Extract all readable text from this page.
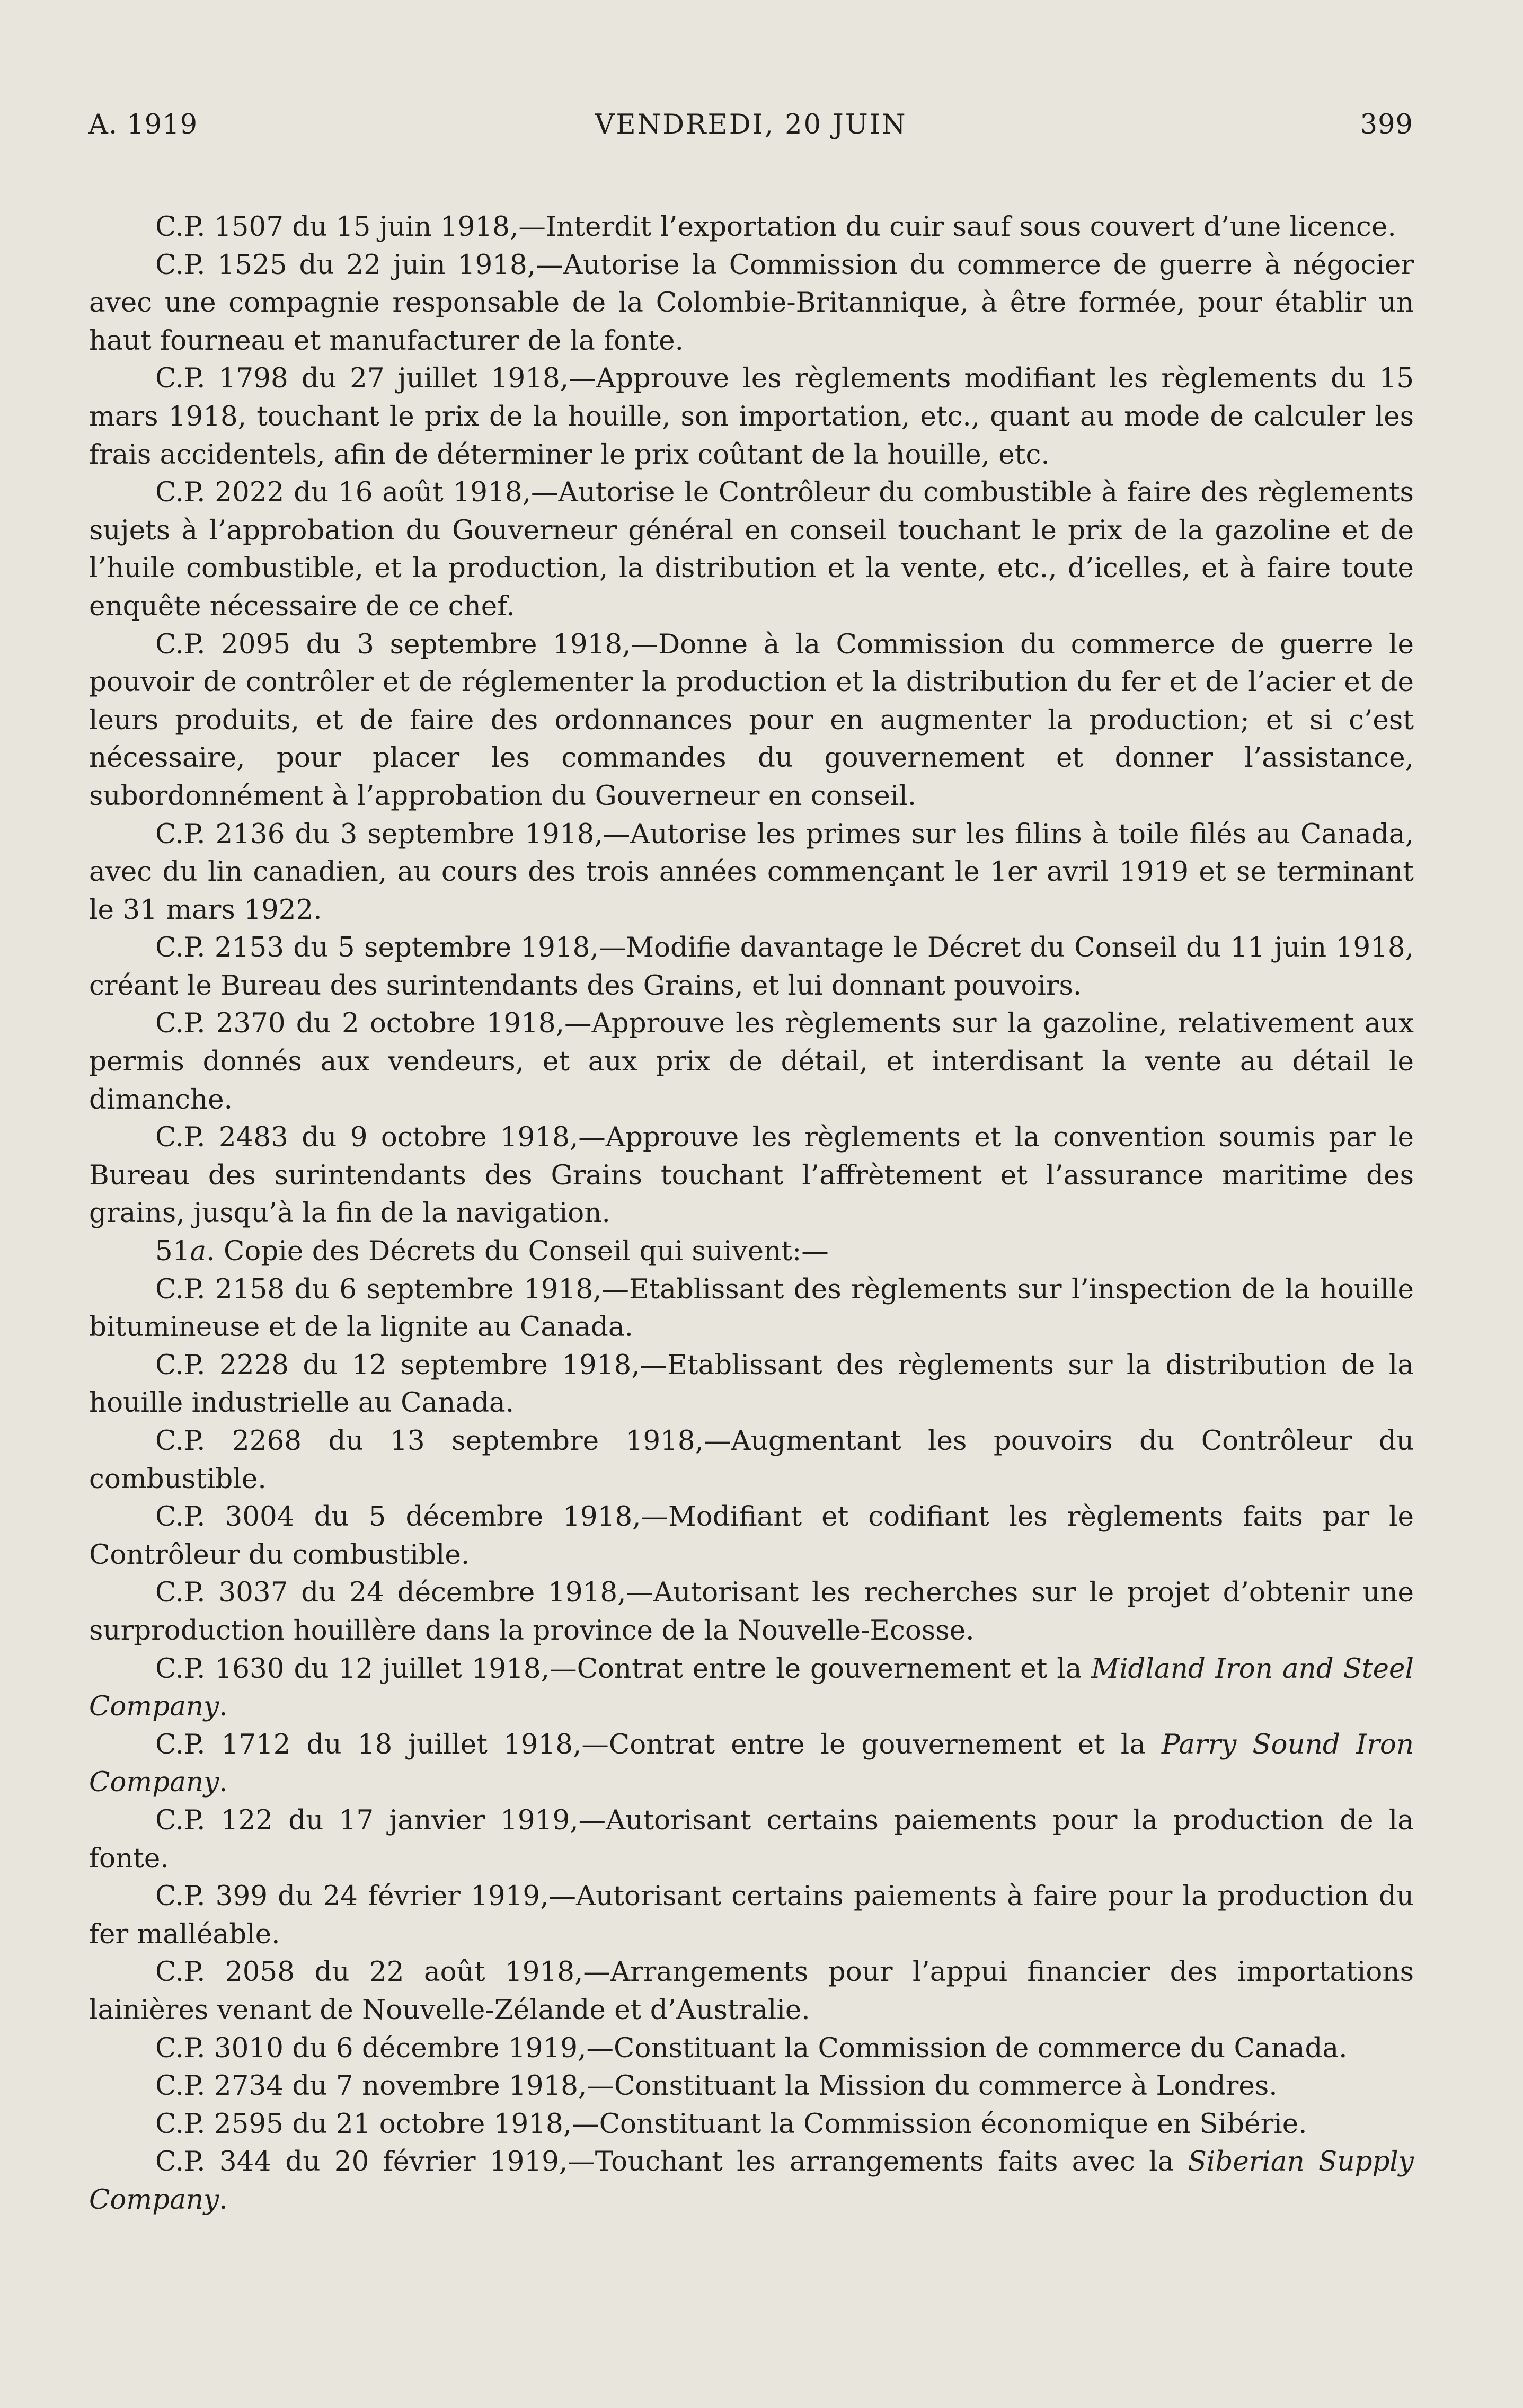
A. 1919	VENDREDI, 20 JUIN	399

C.P. 1507 du 15 juin 1918,—Interdit l’exportation du cuir sauf sous couvert d’une licence.

C.P. 1525 du 22 juin 1918,—Autorise la Commission du commerce de guerre à négocier avec une compagnie responsable de la Colombie-Britannique, à être formée, pour établir un haut fourneau et manufacturer de la fonte.

C.P. 1798 du 27 juillet 1918,—Approuve les règlements modifiant les règlements du 15 mars 1918, touchant le prix de la houille, son importation, etc., quant au mode de calculer les frais accidentels, afin de déterminer le prix coûtant de la houille, etc.

C.P. 2022 du 16 août 1918,—Autorise le Contrôleur du combustible à faire des règlements sujets à l’approbation du Gouverneur général en conseil touchant le prix de la gazoline et de l’huile combustible, et la production, la distribution et la vente, etc., d’icelles, et à faire toute enquête nécessaire de ce chef.

C.P. 2095 du 3 septembre 1918,—Donne à la Commission du commerce de guerre le pouvoir de contrôler et de réglementer la production et la distribution du fer et de l’acier et de leurs produits, et de faire des ordonnances pour en augmenter la production; et si c’est nécessaire, pour placer les commandes du gouvernement et donner l’assistance, subordonnément à l’approbation du Gouverneur en conseil.

C.P. 2136 du 3 septembre 1918,—Autorise les primes sur les filins à toile filés au Canada, avec du lin canadien, au cours des trois années commençant le 1er avril 1919 et se terminant le 31 mars 1922.

C.P. 2153 du 5 septembre 1918,—Modifie davantage le Décret du Conseil du 11 juin 1918, créant le Bureau des surintendants des Grains, et lui donnant pouvoirs.

C.P. 2370 du 2 octobre 1918,—Approuve les règlements sur la gazoline, relativement aux permis donnés aux vendeurs, et aux prix de détail, et interdisant la vente au détail le dimanche.

C.P. 2483 du 9 octobre 1918,—Approuve les règlements et la convention soumis par le Bureau des surintendants des Grains touchant l’affrètement et l’assurance maritime des grains, jusqu’à la fin de la navigation.

51a. Copie des Décrets du Conseil qui suivent:—

C.P. 2158 du 6 septembre 1918,—Etablissant des règlements sur l’inspection de la houille bitumineuse et de la lignite au Canada.

C.P. 2228 du 12 septembre 1918,—Etablissant des règlements sur la distribution de la houille industrielle au Canada.

C.P. 2268 du 13 septembre 1918,—Augmentant les pouvoirs du Contrôleur du combustible.

C.P. 3004 du 5 décembre 1918,—Modifiant et codifiant les règlements faits par le Contrôleur du combustible.

C.P. 3037 du 24 décembre 1918,—Autorisant les recherches sur le projet d’obtenir une surproduction houillère dans la province de la Nouvelle-Ecosse.

C.P. 1630 du 12 juillet 1918,—Contrat entre le gouvernement et la Midland Iron and Steel Company.

C.P. 1712 du 18 juillet 1918,—Contrat entre le gouvernement et la Parry Sound Iron Company.

C.P. 122 du 17 janvier 1919,—Autorisant certains paiements pour la production de la fonte.

C.P. 399 du 24 février 1919,—Autorisant certains paiements à faire pour la production du fer malléable.

C.P. 2058 du 22 août 1918,—Arrangements pour l’appui financier des importations lainières venant de Nouvelle-Zélande et d’Australie.

C.P. 3010 du 6 décembre 1919,—Constituant la Commission de commerce du Canada.

C.P. 2734 du 7 novembre 1918,—Constituant la Mission du commerce à Londres.

C.P. 2595 du 21 octobre 1918,—Constituant la Commission économique en Sibérie.

C.P. 344 du 20 février 1919,—Touchant les arrangements faits avec la Siberian Supply Company.
